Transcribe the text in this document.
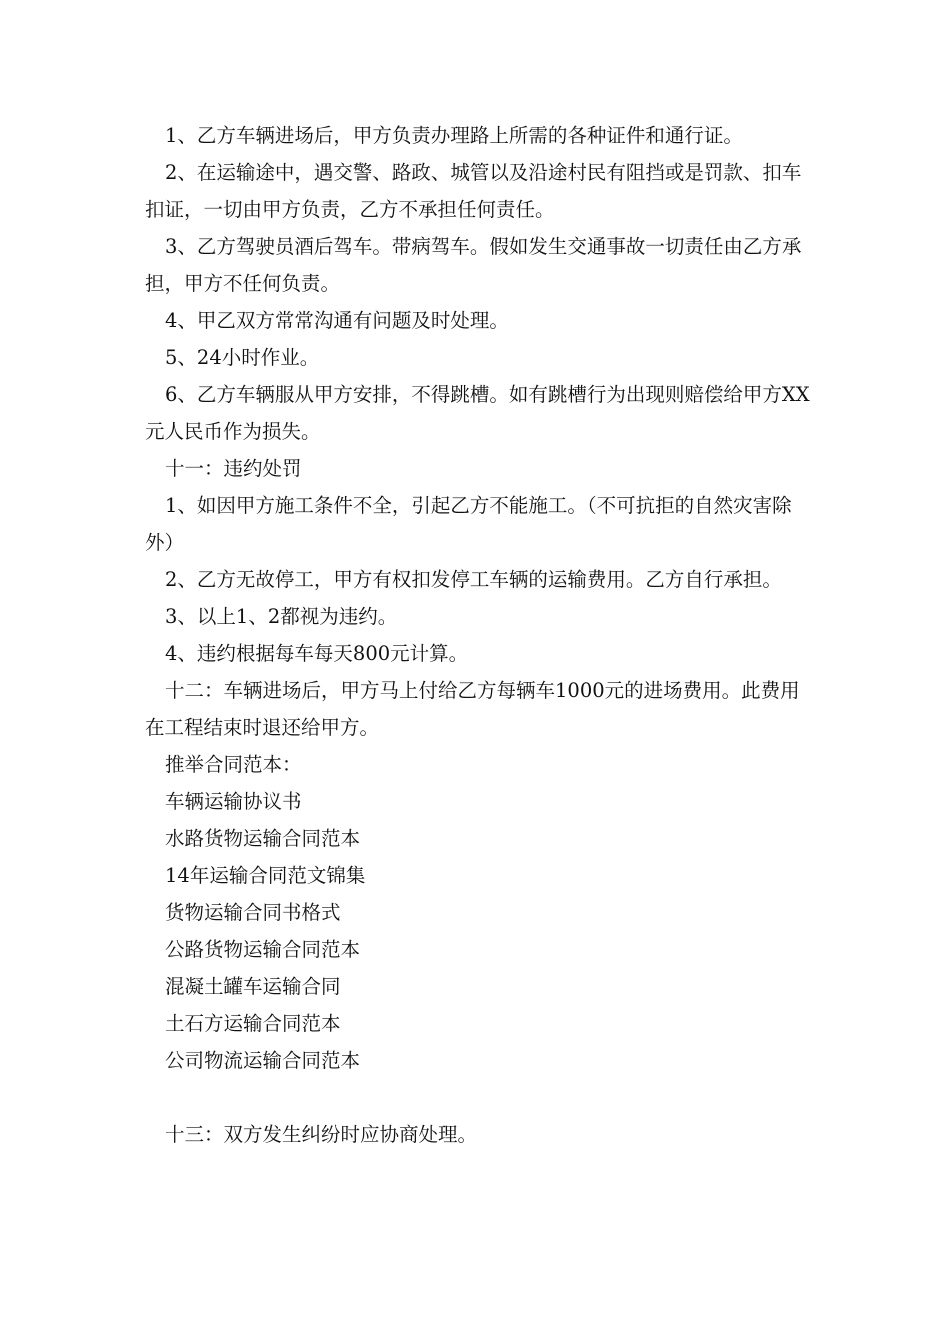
1、乙方车辆进场后，甲方负责办理路上所需的各种证件和通行证。

2、在运输途中，遇交警、路政、城管以及沿途村民有阻挡或是罚款、扣车扣证，一切由甲方负责，乙方不承担任何责任。

3、乙方驾驶员酒后驾车。带病驾车。假如发生交通事故一切责任由乙方承担，甲方不任何负责。

4、甲乙双方常常沟通有问题及时处理。

5、24小时作业。

6、乙方车辆服从甲方安排，不得跳槽。如有跳槽行为出现则赔偿给甲方XX元人民币作为损失。

十一：违约处罚

1、如因甲方施工条件不全，引起乙方不能施工。（不可抗拒的自然灾害除外）

2、乙方无故停工，甲方有权扣发停工车辆的运输费用。乙方自行承担。

3、以上1、2都视为违约。

4、违约根据每车每天800元计算。

十二：车辆进场后，甲方马上付给乙方每辆车1000元的进场费用。此费用在工程结束时退还给甲方。

推举合同范本：

车辆运输协议书

水路货物运输合同范本

14年运输合同范文锦集

货物运输合同书格式

公路货物运输合同范本

混凝土罐车运输合同

土石方运输合同范本

公司物流运输合同范本

十三：双方发生纠纷时应协商处理。
